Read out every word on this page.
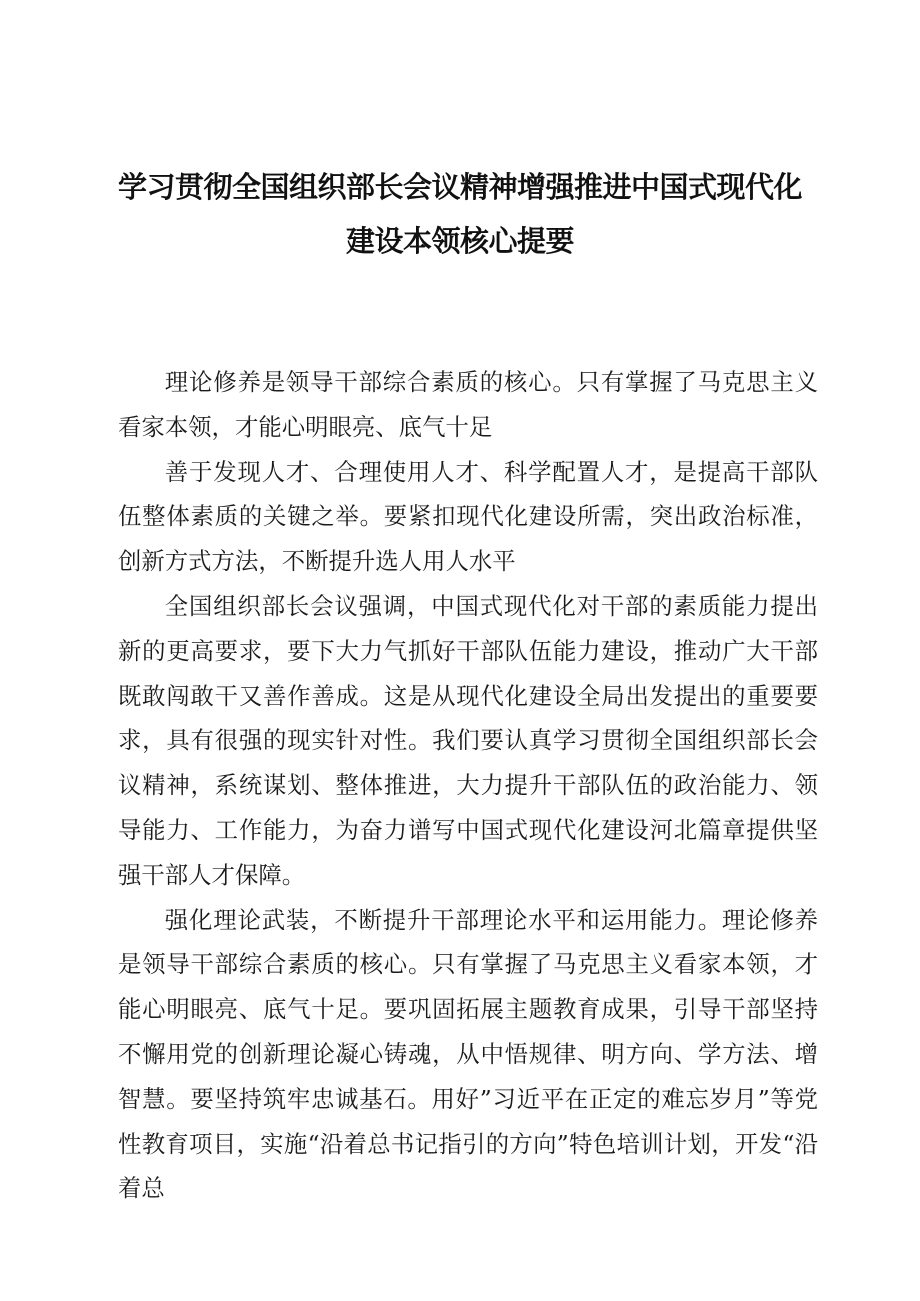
学习贯彻全国组织部长会议精神增强推进中国式现代化
建设本领核心提要

理论修养是领导干部综合素质的核心。只有掌握了马克思主义看家本领，才能心明眼亮、底气十足

善于发现人才、合理使用人才、科学配置人才，是提高干部队伍整体素质的关键之举。要紧扣现代化建设所需，突出政治标准，创新方式方法，不断提升选人用人水平

全国组织部长会议强调，中国式现代化对干部的素质能力提出新的更高要求，要下大力气抓好干部队伍能力建设，推动广大干部既敢闯敢干又善作善成。这是从现代化建设全局出发提出的重要要求，具有很强的现实针对性。我们要认真学习贯彻全国组织部长会议精神，系统谋划、整体推进，大力提升干部队伍的政治能力、领导能力、工作能力，为奋力谱写中国式现代化建设河北篇章提供坚强干部人才保障。

强化理论武装，不断提升干部理论水平和运用能力。理论修养是领导干部综合素质的核心。只有掌握了马克思主义看家本领，才能心明眼亮、底气十足。要巩固拓展主题教育成果，引导干部坚持不懈用党的创新理论凝心铸魂，从中悟规律、明方向、学方法、增智慧。要坚持筑牢忠诚基石。用好”习近平在正定的难忘岁月”等党性教育项目，实施“沿着总书记指引的方向”特色培训计划，开发“沿着总
